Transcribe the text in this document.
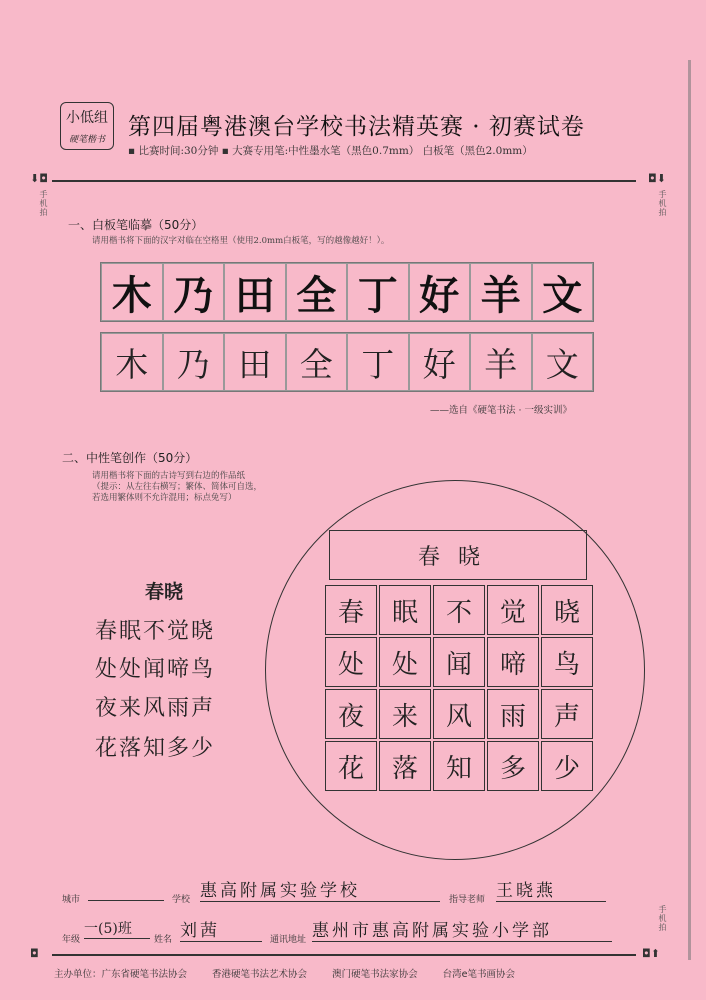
小低组
硬笔楷书	第四届粤港澳台学校书法精英赛 · 初赛试卷
▪ 比赛时间:30分钟 ▪ 大赛专用笔:中性墨水笔（黑色0.7mm） 白板笔（黑色2.0mm）
⬇◘	◘⬇
手机拍	手机拍
一、白板笔临摹（50分）
请用楷书将下面的汉字对临在空格里（使用2.0mm白板笔，写的越像越好！）。
木 乃 田 全 丁 好 羊 文
木 乃 田 全 丁 好 羊 文
——选自《硬笔书法 · 一级实训》
二、中性笔创作（50分）
请用楷书将下面的古诗写到右边的作品纸
（提示：从左往右横写；繁体、简体可自选，
若选用繁体则不允许混用；标点免写）
春晓
春眠不觉晓
处处闻啼鸟
夜来风雨声
花落知多少
春晓
春	眠	不	觉	晓
处	处	闻	啼	鸟
夜	来	风	雨	声
花	落	知	多	少
城市	学校 惠高附属实验学校	指导老师 王晓燕
年级
一(5)班
姓名 刘茜	通讯地址 惠州市惠高附属实验小学部
◘	◘⬆
手机拍
主办单位：广东省硬笔书法协会	香港硬笔书法艺术协会	澳门硬笔书法家协会	台湾e笔书画协会
